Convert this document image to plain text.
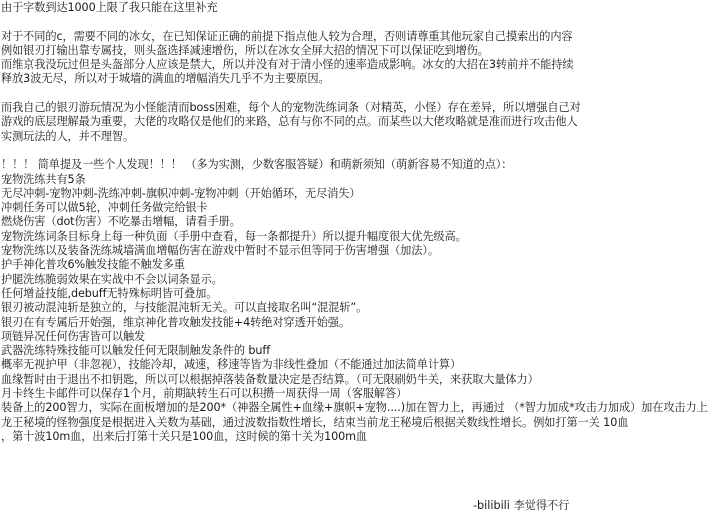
由于字数到达1000上限了我只能在这里补充
对于不同的c，需要不同的冰女，在已知保证正确的前提下指点他人较为合理，否则请尊重其他玩家自己摸索出的内容
例如银刃打输出靠专属技，则头盔选择减速增伤，所以在冰女全屏大招的情况下可以保证吃到增伤。
而维京我没玩过但是头盔部分人应该是禁大，所以并没有对于清小怪的速率造成影响。冰女的大招在3转前并不能持续
释放3波无尽，所以对于城墙的满血的增幅消失几乎不为主要原因。
而我自己的银刃游玩情况为小怪能清而boss困难，每个人的宠物洗练词条（对精英，小怪）存在差异，所以增强自己对
游戏的底层理解最为重要，大佬的攻略仅是他们的来路，总有与你不同的点。而某些以大佬攻略就是准而进行攻击他人
实测玩法的人，并不理智。
！！！ 简单提及一些个人发现！！！ （多为实测，少数客服答疑）和萌新须知（萌新容易不知道的点）：
宠物洗练共有5条
无尽冲刺-宠物冲刺-洗练冲刺-旗帜冲刺-宠物冲刺（开始循环，无尽消失）
冲刺任务可以做5轮，冲刺任务做完给银卡
燃烧伤害（dot伤害）不吃暴击增幅，请看手册。
宠物洗练词条目标身上每一种负面（手册中查看，每一条都提升）所以提升幅度很大优先级高。
宠物洗练以及装备洗练城墙满血增幅伤害在游戏中暂时不显示但等同于伤害增强（加法）。
护手神化普攻6%触发技能不触发多重
护腿洗练脆弱效果在实战中不会以词条显示。
任何增益技能,debuff无特殊标明皆可叠加。
银刃被动混沌斩是独立的，与技能混沌斩无关。可以直接取名叫“混混斩”。
银刃在有专属后开始强，维京神化普攻触发技能+4转绝对穿透开始强。
项链异况任何伤害皆可以触发
武器洗练特殊技能可以触发任何无限制触发条件的 buff
概率无视护甲（非忽视），技能冷却，减速，移速等皆为非线性叠加（不能通过加法简单计算）
血缘暂时由于退出不扣钥匙，所以可以根据掉落装备数量决定是否结算。（可无限刷奶牛关，来获取大量体力）
月卡终生卡邮件可以保存1个月，前期缺转生石可以积攒一周获得一周（客服解答）
装备上的200智力，实际在面板增加的是200*（神器全属性+血缘+旗帜+宠物....)加在智力上，再通过 （*智力加成*攻击力加成）加在攻击力上
龙王秘境的怪物强度是根据进入关数为基础，通过波数指数性增长，结束当前龙王秘境后根据关数线性增长。例如打第一关 10血
，第十波10m血，出来后打第十关只是100血，这时候的第十关为100m血
-bilibili 李觉得不行
